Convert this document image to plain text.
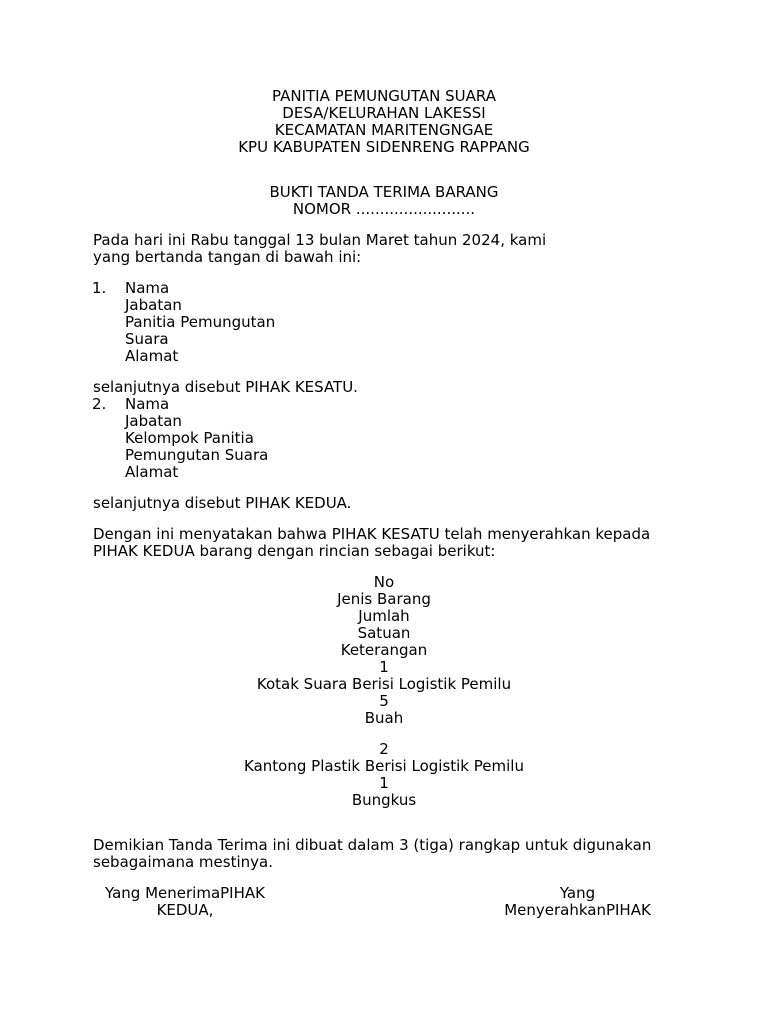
PANITIA PEMUNGUTAN SUARA
DESA/KELURAHAN LAKESSI
KECAMATAN MARITENGNGAE
KPU KABUPATEN SIDENRENG RAPPANG
BUKTI TANDA TERIMA BARANG
NOMOR .........................
Pada hari ini Rabu tanggal 13 bulan Maret tahun 2024, kami
yang bertanda tangan di bawah ini:
1. Nama
Jabatan
Panitia Pemungutan
Suara
Alamat
selanjutnya disebut PIHAK KESATU.
2. Nama
Jabatan
Kelompok Panitia
Pemungutan Suara
Alamat
selanjutnya disebut PIHAK KEDUA.
Dengan ini menyatakan bahwa PIHAK KESATU telah menyerahkan kepada
PIHAK KEDUA barang dengan rincian sebagai berikut:
No
Jenis Barang
Jumlah
Satuan
Keterangan
1
Kotak Suara Berisi Logistik Pemilu
5
Buah
2
Kantong Plastik Berisi Logistik Pemilu
1
Bungkus
Demikian Tanda Terima ini dibuat dalam 3 (tiga) rangkap untuk digunakan
sebagaimana mestinya.
Yang MenerimaPIHAK
KEDUA,
Yang
MenyerahkanPIHAK
